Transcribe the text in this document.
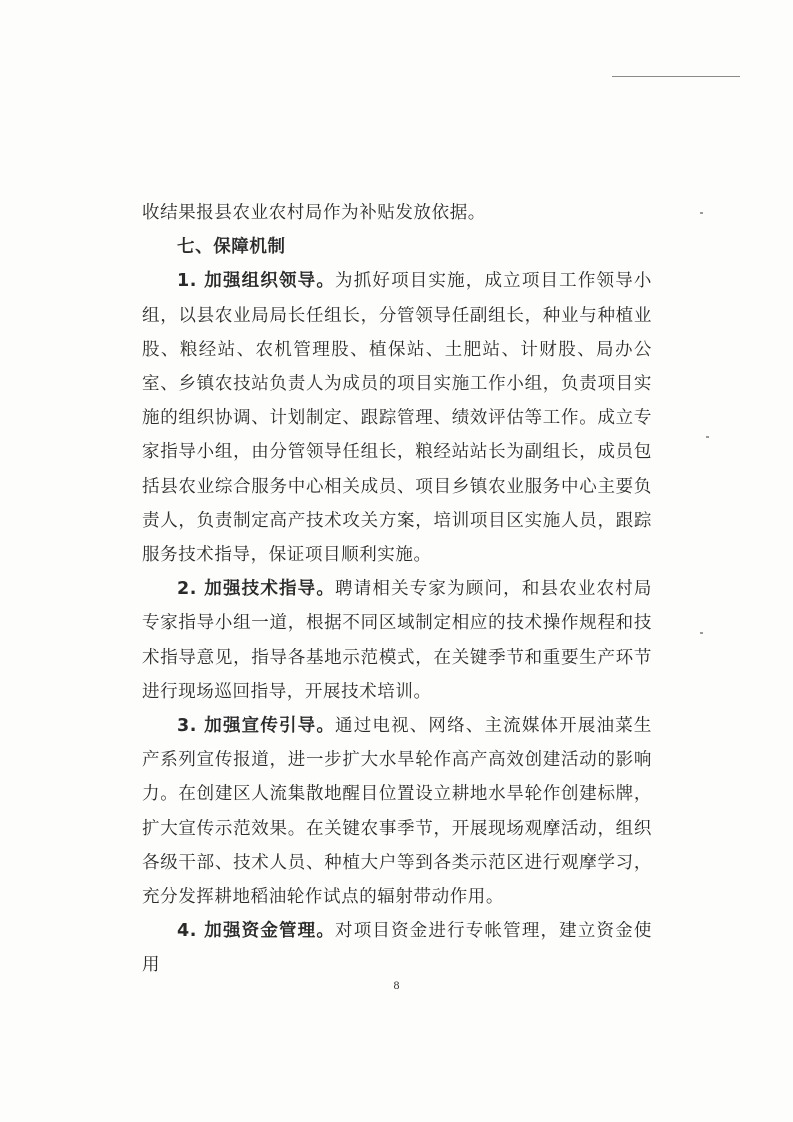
收结果报县农业农村局作为补贴发放依据。

七、保障机制

1. 加强组织领导。为抓好项目实施，成立项目工作领导小组，以县农业局局长任组长，分管领导任副组长，种业与种植业股、粮经站、农机管理股、植保站、土肥站、计财股、局办公室、乡镇农技站负责人为成员的项目实施工作小组，负责项目实施的组织协调、计划制定、跟踪管理、绩效评估等工作。成立专家指导小组，由分管领导任组长，粮经站站长为副组长，成员包括县农业综合服务中心相关成员、项目乡镇农业服务中心主要负责人，负责制定高产技术攻关方案，培训项目区实施人员，跟踪服务技术指导，保证项目顺利实施。

2. 加强技术指导。聘请相关专家为顾问，和县农业农村局专家指导小组一道，根据不同区域制定相应的技术操作规程和技术指导意见，指导各基地示范模式，在关键季节和重要生产环节进行现场巡回指导，开展技术培训。

3. 加强宣传引导。通过电视、网络、主流媒体开展油菜生产系列宣传报道，进一步扩大水旱轮作高产高效创建活动的影响力。在创建区人流集散地醒目位置设立耕地水旱轮作创建标牌，扩大宣传示范效果。在关键农事季节，开展现场观摩活动，组织各级干部、技术人员、种植大户等到各类示范区进行观摩学习，充分发挥耕地稻油轮作试点的辐射带动作用。

4. 加强资金管理。对项目资金进行专帐管理，建立资金使用

8
